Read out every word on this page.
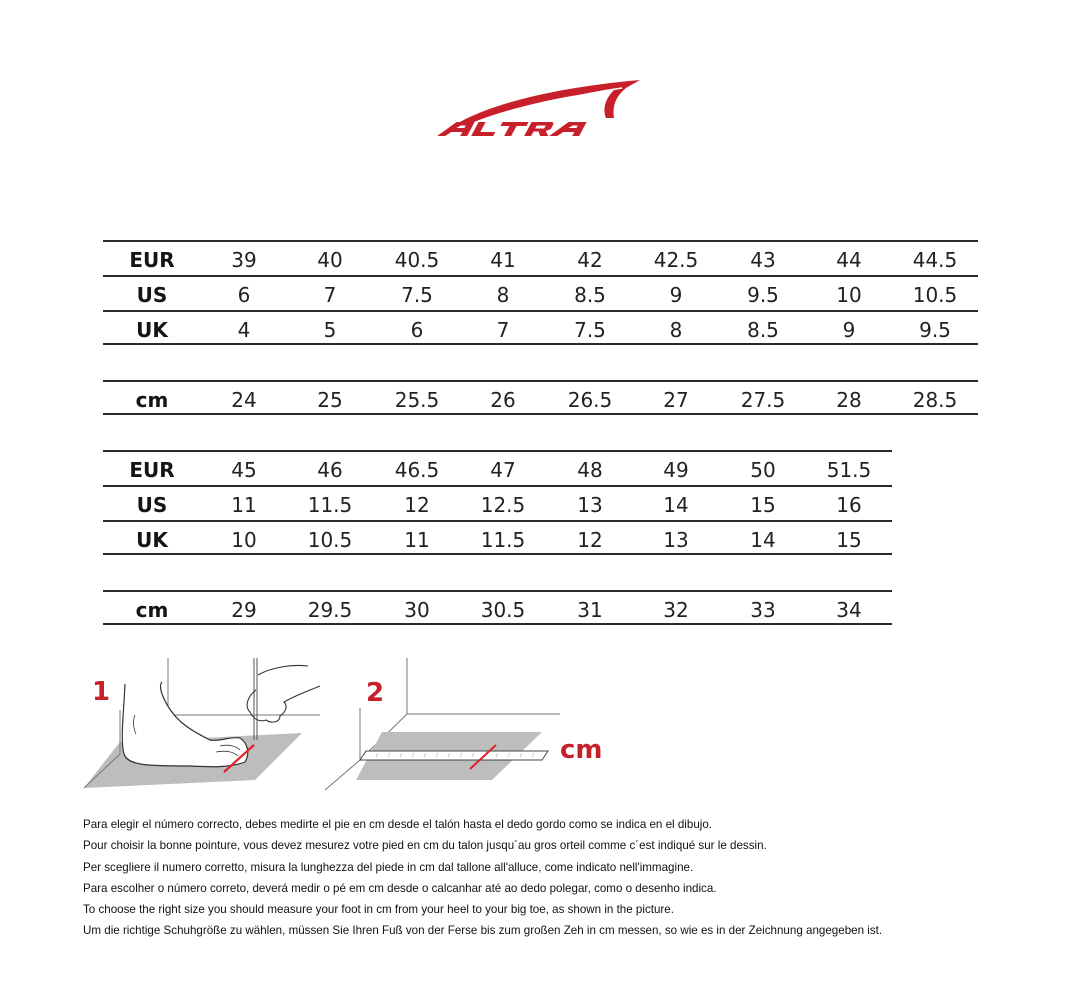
EUR	39	40	40.5	41	42	42.5	43	44	44.5
US	6	7	7.5	8	8.5	9	9.5	10	10.5
UK	4	5	6	7	7.5	8	8.5	9	9.5
cm	24	25	25.5	26	26.5	27	27.5	28	28.5
EUR	45	46	46.5	47	48	49	50	51.5
US	11	11.5	12	12.5	13	14	15	16
UK	10	10.5	11	11.5	12	13	14	15
cm	29	29.5	30	30.5	31	32	33	34
1	2
cm
Para elegir el número correcto, debes medirte el pie en cm desde el talón hasta el dedo gordo como se indica en el dibujo.
Pour choisir la bonne pointure, vous devez mesurez votre pied en cm du talon jusqu´au gros orteil comme c´est indiqué sur le dessin.
Per scegliere il numero corretto, misura la lunghezza del piede in cm dal tallone all'alluce, come indicato nell'immagine.
Para escolher o número correto, deverá medir o pé em cm desde o calcanhar até ao dedo polegar, como o desenho indica.
To choose the right size you should measure your foot in cm from your heel to your big toe, as shown in the picture.
Um die richtige Schuhgröße zu wählen, müssen Sie Ihren Fuß von der Ferse bis zum großen Zeh in cm messen, so wie es in der Zeichnung angegeben ist.
